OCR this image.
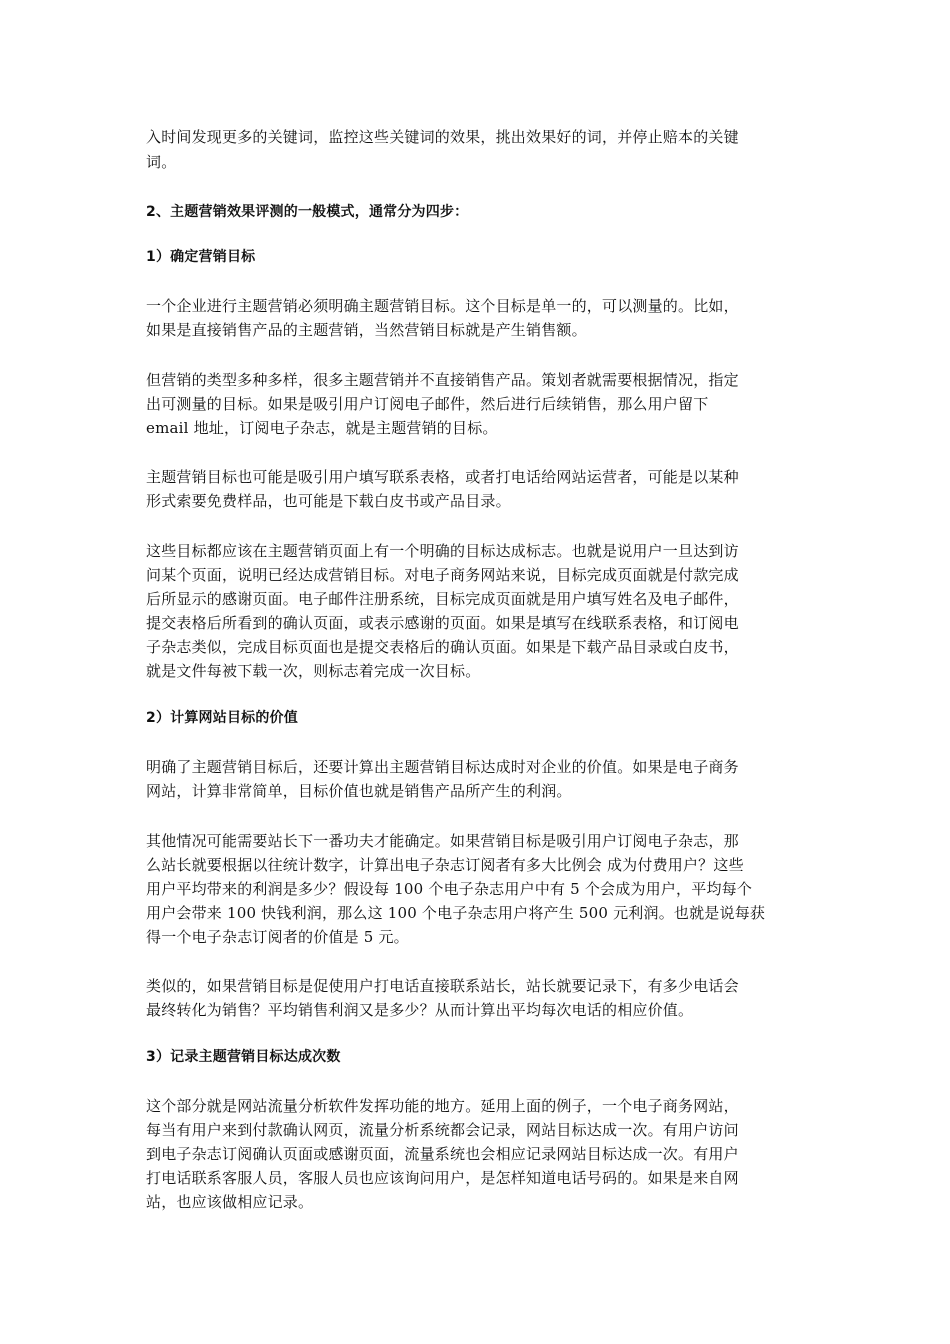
入时间发现更多的关键词，监控这些关键词的效果，挑出效果好的词，并停止赔本的关键
词。
2、主题营销效果评测的一般模式，通常分为四步：
1）确定营销目标
一个企业进行主题营销必须明确主题营销目标。这个目标是单一的，可以测量的。比如，
如果是直接销售产品的主题营销，当然营销目标就是产生销售额。
但营销的类型多种多样，很多主题营销并不直接销售产品。策划者就需要根据情况，指定
出可测量的目标。如果是吸引用户订阅电子邮件，然后进行后续销售，那么用户留下
email 地址，订阅电子杂志，就是主题营销的目标。
主题营销目标也可能是吸引用户填写联系表格，或者打电话给网站运营者，可能是以某种
形式索要免费样品，也可能是下载白皮书或产品目录。
这些目标都应该在主题营销页面上有一个明确的目标达成标志。也就是说用户一旦达到访
问某个页面，说明已经达成营销目标。对电子商务网站来说，目标完成页面就是付款完成
后所显示的感谢页面。电子邮件注册系统，目标完成页面就是用户填写姓名及电子邮件，
提交表格后所看到的确认页面，或表示感谢的页面。如果是填写在线联系表格，和订阅电
子杂志类似，完成目标页面也是提交表格后的确认页面。如果是下载产品目录或白皮书，
就是文件每被下载一次，则标志着完成一次目标。
2）计算网站目标的价值
明确了主题营销目标后，还要计算出主题营销目标达成时对企业的价值。如果是电子商务
网站，计算非常简单，目标价值也就是销售产品所产生的利润。
其他情况可能需要站长下一番功夫才能确定。如果营销目标是吸引用户订阅电子杂志，那
么站长就要根据以往统计数字，计算出电子杂志订阅者有多大比例会 成为付费用户？这些
用户平均带来的利润是多少？假设每 100 个电子杂志用户中有 5 个会成为用户，平均每个
用户会带来 100 快钱利润，那么这 100 个电子杂志用户将产生 500 元利润。也就是说每获
得一个电子杂志订阅者的价值是 5 元。
类似的，如果营销目标是促使用户打电话直接联系站长，站长就要记录下，有多少电话会
最终转化为销售？平均销售利润又是多少？从而计算出平均每次电话的相应价值。
3）记录主题营销目标达成次数
这个部分就是网站流量分析软件发挥功能的地方。延用上面的例子，一个电子商务网站，
每当有用户来到付款确认网页，流量分析系统都会记录，网站目标达成一次。有用户访问
到电子杂志订阅确认页面或感谢页面，流量系统也会相应记录网站目标达成一次。有用户
打电话联系客服人员，客服人员也应该询问用户，是怎样知道电话号码的。如果是来自网
站，也应该做相应记录。
